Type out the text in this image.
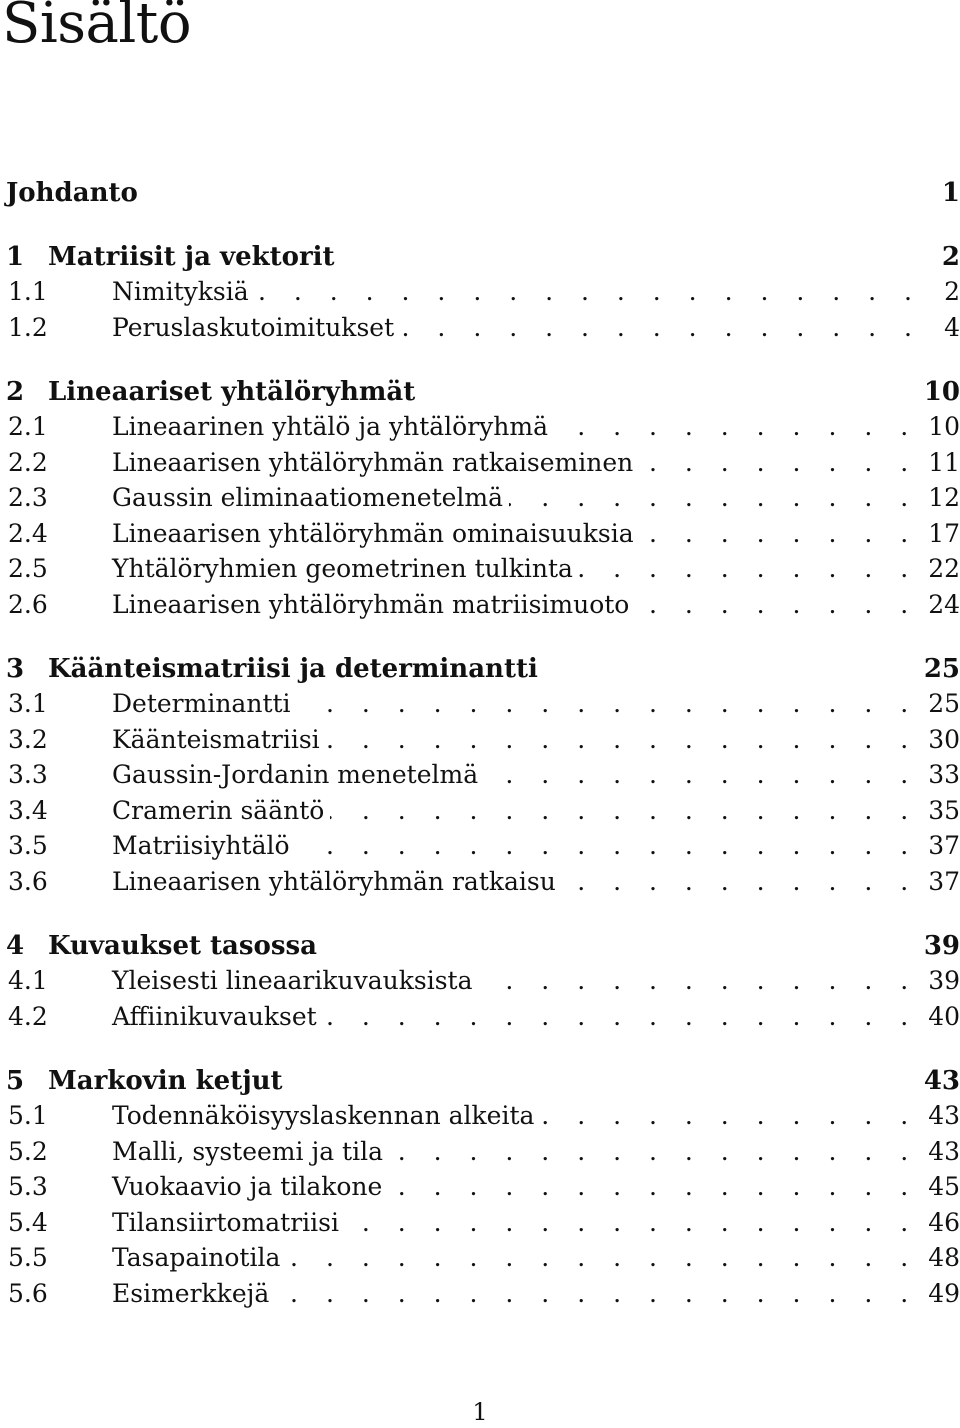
Sisältö
Johdanto	1
1 Matriisit ja vektorit	2
1.1	Nimityksiä . . .	2
1.2	Peruslaskutoimitukset . . .	4
2 Lineaariset yhtälöryhmät	10
2.1	Lineaarinen yhtälö ja yhtälöryhmä . . .	10
2.2	Lineaarisen yhtälöryhmän ratkaiseminen . . .	11
2.3	Gaussin eliminaatiomenetelmä . . .	12
2.4	Lineaarisen yhtälöryhmän ominaisuuksia . . .	17
2.5	Yhtälöryhmien geometrinen tulkinta . . .	22
2.6	Lineaarisen yhtälöryhmän matriisimuoto . . .	24
3 Käänteismatriisi ja determinantti	25
3.1	Determinantti . . .	25
3.2	Käänteismatriisi . . .	30
3.3	Gaussin-Jordanin menetelmä . . .	33
3.4	Cramerin sääntö . . .	35
3.5	Matriisiyhtälö . . .	37
3.6	Lineaarisen yhtälöryhmän ratkaisu . . .	37
4 Kuvaukset tasossa	39
4.1	Yleisesti lineaarikuvauksista . . .	39
4.2	Affiinikuvaukset . . .	40
5 Markovin ketjut	43
5.1	Todennäköisyyslaskennan alkeita . . .	43
5.2	Malli, systeemi ja tila . . .	43
5.3	Vuokaavio ja tilakone . . .	45
5.4	Tilansiirtomatriisi . . .	46
5.5	Tasapainotila . . .	48
5.6	Esimerkkejä . . .	49
1
